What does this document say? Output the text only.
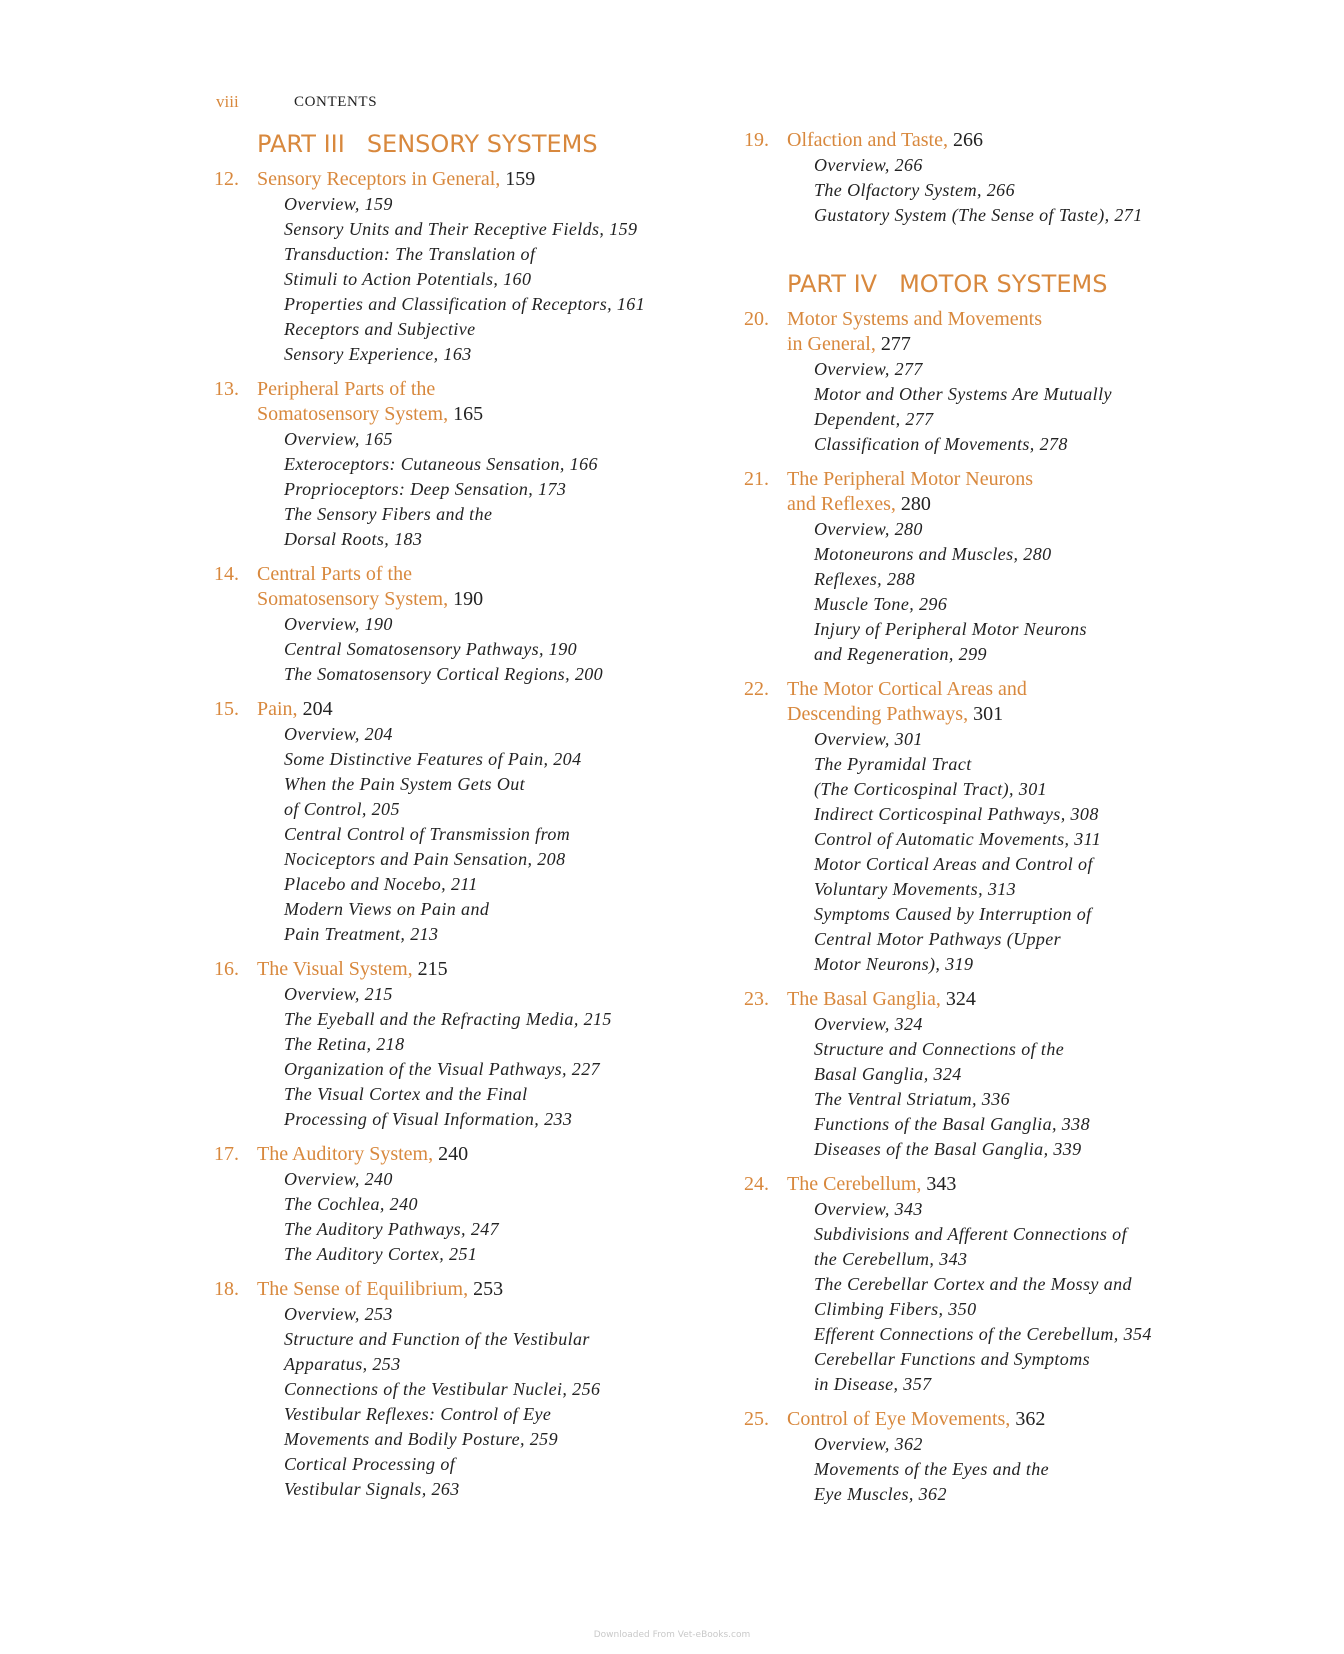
viii	CONTENTS
PART III SENSORY SYSTEMS
12. Sensory Receptors in General, 159
Overview, 159
Sensory Units and Their Receptive Fields, 159
Transduction: The Translation of
Stimuli to Action Potentials, 160
Properties and Classification of Receptors, 161
Receptors and Subjective
Sensory Experience, 163
13. Peripheral Parts of the
Somatosensory System, 165
Overview, 165
Exteroceptors: Cutaneous Sensation, 166
Proprioceptors: Deep Sensation, 173
The Sensory Fibers and the
Dorsal Roots, 183
14. Central Parts of the
Somatosensory System, 190
Overview, 190
Central Somatosensory Pathways, 190
The Somatosensory Cortical Regions, 200
15. Pain, 204
Overview, 204
Some Distinctive Features of Pain, 204
When the Pain System Gets Out
of Control, 205
Central Control of Transmission from
Nociceptors and Pain Sensation, 208
Placebo and Nocebo, 211
Modern Views on Pain and
Pain Treatment, 213
16. The Visual System, 215
Overview, 215
The Eyeball and the Refracting Media, 215
The Retina, 218
Organization of the Visual Pathways, 227
The Visual Cortex and the Final
Processing of Visual Information, 233
17. The Auditory System, 240
Overview, 240
The Cochlea, 240
The Auditory Pathways, 247
The Auditory Cortex, 251
18. The Sense of Equilibrium, 253
Overview, 253
Structure and Function of the Vestibular
Apparatus, 253
Connections of the Vestibular Nuclei, 256
Vestibular Reflexes: Control of Eye
Movements and Bodily Posture, 259
Cortical Processing of
Vestibular Signals, 263
19. Olfaction and Taste, 266
Overview, 266
The Olfactory System, 266
Gustatory System (The Sense of Taste), 271
PART IV MOTOR SYSTEMS
20. Motor Systems and Movements
in General, 277
Overview, 277
Motor and Other Systems Are Mutually
Dependent, 277
Classification of Movements, 278
21. The Peripheral Motor Neurons
and Reflexes, 280
Overview, 280
Motoneurons and Muscles, 280
Reflexes, 288
Muscle Tone, 296
Injury of Peripheral Motor Neurons
and Regeneration, 299
22. The Motor Cortical Areas and
Descending Pathways, 301
Overview, 301
The Pyramidal Tract
(The Corticospinal Tract), 301
Indirect Corticospinal Pathways, 308
Control of Automatic Movements, 311
Motor Cortical Areas and Control of
Voluntary Movements, 313
Symptoms Caused by Interruption of
Central Motor Pathways (Upper
Motor Neurons), 319
23. The Basal Ganglia, 324
Overview, 324
Structure and Connections of the
Basal Ganglia, 324
The Ventral Striatum, 336
Functions of the Basal Ganglia, 338
Diseases of the Basal Ganglia, 339
24. The Cerebellum, 343
Overview, 343
Subdivisions and Afferent Connections of
the Cerebellum, 343
The Cerebellar Cortex and the Mossy and
Climbing Fibers, 350
Efferent Connections of the Cerebellum, 354
Cerebellar Functions and Symptoms
in Disease, 357
25. Control of Eye Movements, 362
Overview, 362
Movements of the Eyes and the
Eye Muscles, 362
Downloaded From Vet-eBooks.com
